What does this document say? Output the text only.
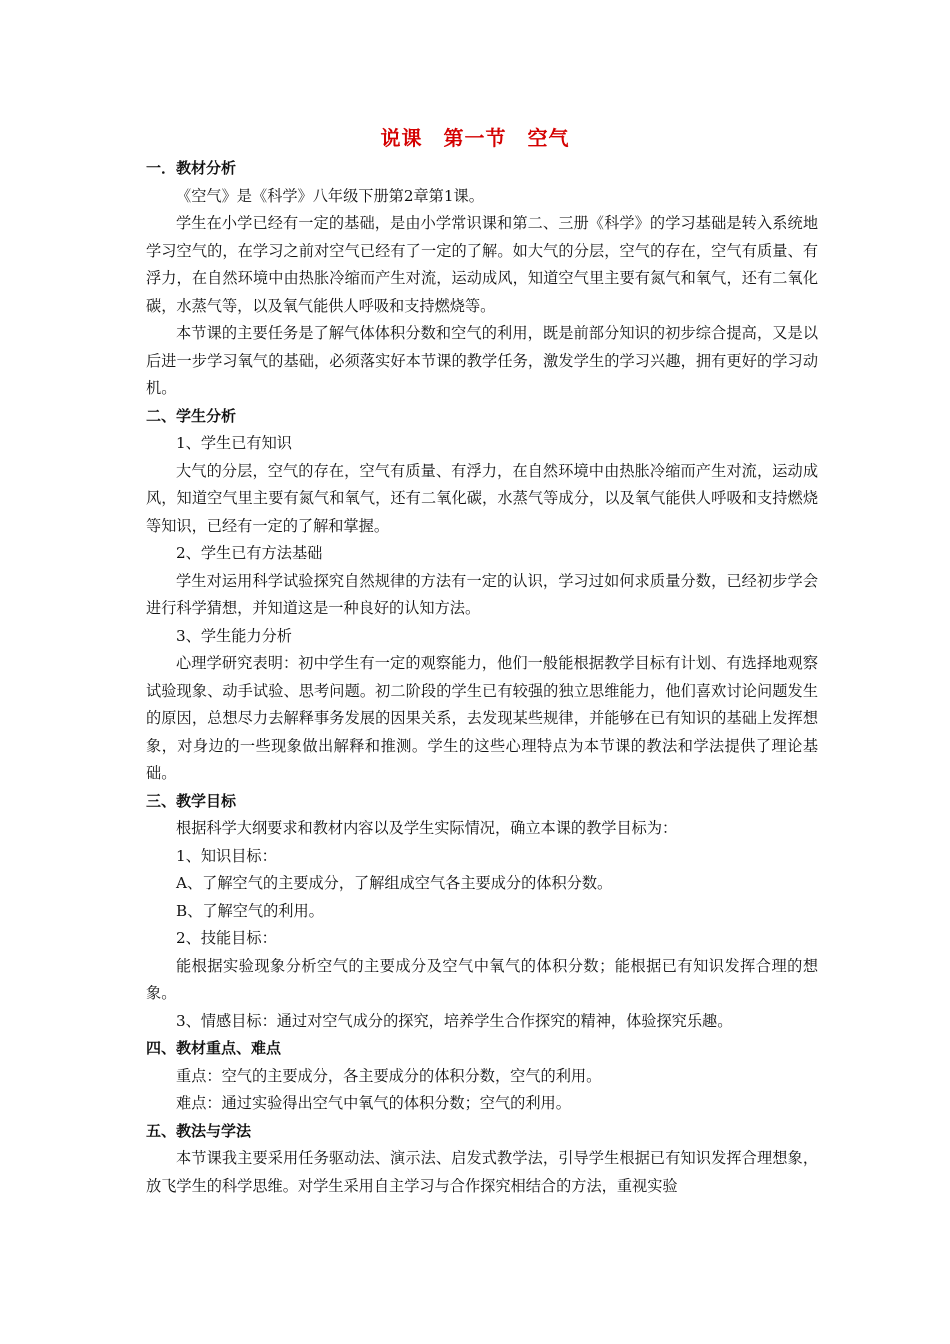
说课　第一节　空气

一．教材分析

《空气》是《科学》八年级下册第2章第1课。

学生在小学已经有一定的基础，是由小学常识课和第二、三册《科学》的学习基础是转入系统地学习空气的，在学习之前对空气已经有了一定的了解。如大气的分层，空气的存在，空气有质量、有浮力，在自然环境中由热胀冷缩而产生对流，运动成风，知道空气里主要有氮气和氧气，还有二氧化碳，水蒸气等，以及氧气能供人呼吸和支持燃烧等。

本节课的主要任务是了解气体体积分数和空气的利用，既是前部分知识的初步综合提高，又是以后进一步学习氧气的基础，必须落实好本节课的教学任务，激发学生的学习兴趣，拥有更好的学习动机。

二、学生分析

1、学生已有知识

大气的分层，空气的存在，空气有质量、有浮力，在自然环境中由热胀冷缩而产生对流，运动成风，知道空气里主要有氮气和氧气，还有二氧化碳，水蒸气等成分，以及氧气能供人呼吸和支持燃烧等知识，已经有一定的了解和掌握。

2、学生已有方法基础

学生对运用科学试验探究自然规律的方法有一定的认识，学习过如何求质量分数，已经初步学会进行科学猜想，并知道这是一种良好的认知方法。

3、学生能力分析

心理学研究表明：初中学生有一定的观察能力，他们一般能根据教学目标有计划、有选择地观察试验现象、动手试验、思考问题。初二阶段的学生已有较强的独立思维能力，他们喜欢讨论问题发生的原因，总想尽力去解释事务发展的因果关系，去发现某些规律，并能够在已有知识的基础上发挥想象，对身边的一些现象做出解释和推测。学生的这些心理特点为本节课的教法和学法提供了理论基础。

三、教学目标

根据科学大纲要求和教材内容以及学生实际情况，确立本课的教学目标为：

1、知识目标：

A、了解空气的主要成分，了解组成空气各主要成分的体积分数。

B、了解空气的利用。

2、技能目标：

能根据实验现象分析空气的主要成分及空气中氧气的体积分数；能根据已有知识发挥合理的想象。

3、情感目标：通过对空气成分的探究，培养学生合作探究的精神，体验探究乐趣。

四、教材重点、难点

重点：空气的主要成分，各主要成分的体积分数，空气的利用。

难点：通过实验得出空气中氧气的体积分数；空气的利用。

五、教法与学法

本节课我主要采用任务驱动法、演示法、启发式教学法，引导学生根据已有知识发挥合理想象，放飞学生的科学思维。对学生采用自主学习与合作探究相结合的方法，重视实验
